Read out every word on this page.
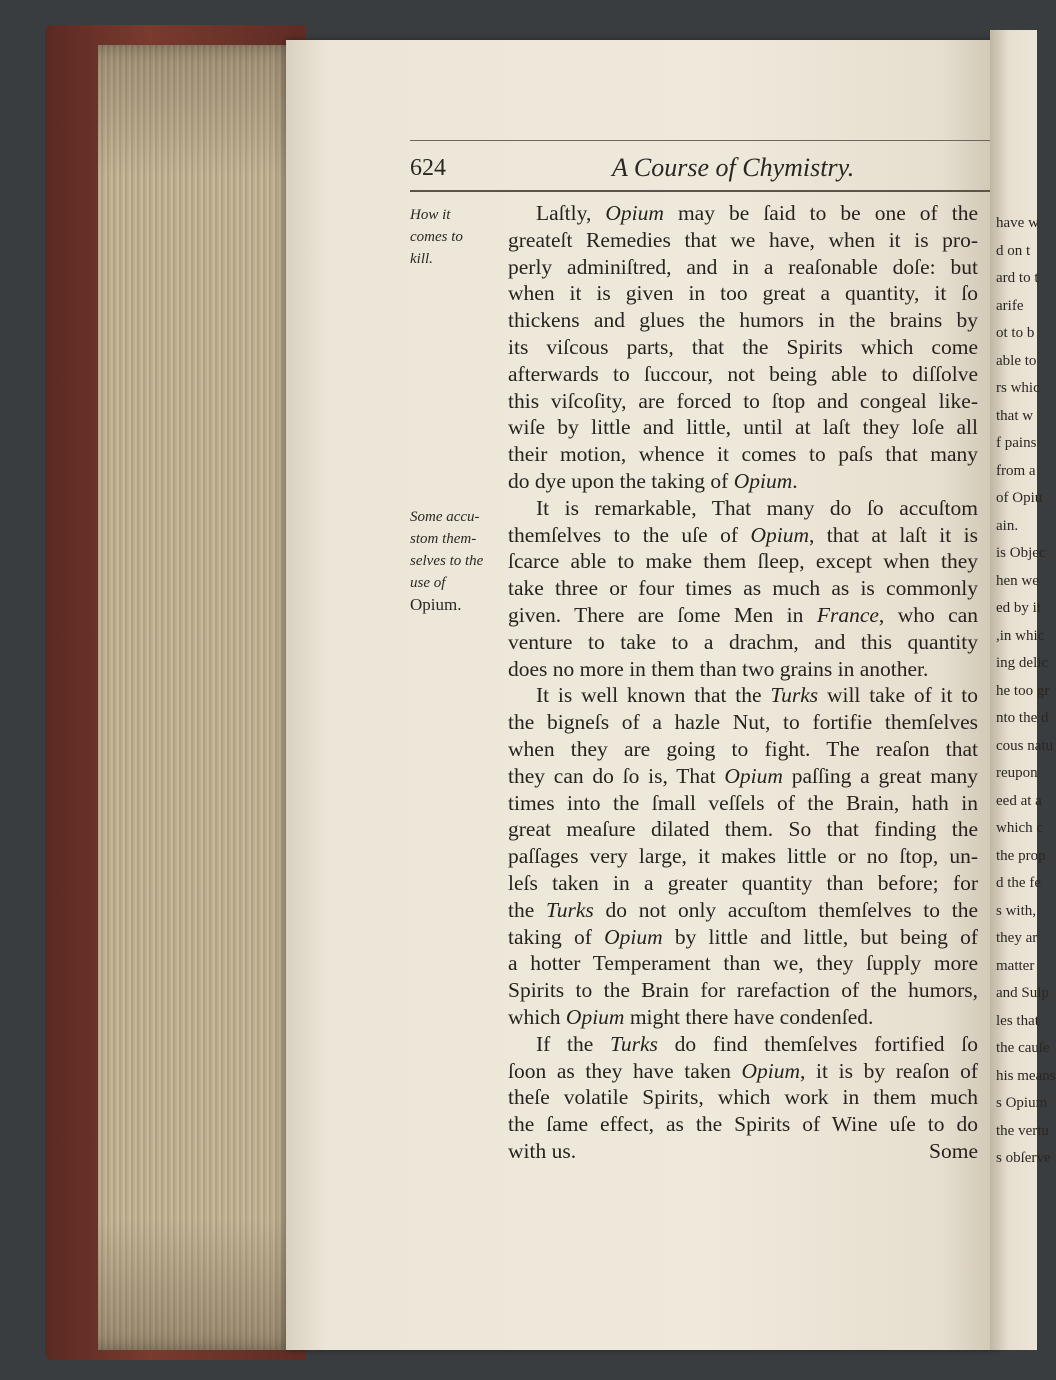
have w
d on t
ard to t
arife
ot to b
able to
rs whic
that w
f pains
from a
of Opiu
ain.
is Objec
hen we
ed by it
,in whic
ing delic
he too gr
nto the d
cous natu
reupon
eed at a
which c
the prop
d the fe
s with,
they ar
matter
and Sulp
les that
the cauſe
his means
s Opium
the vertu
s obſerve
624	A Course of Chymistry.
How it
comes to
kill.
Some accu-
stom them-
selves to the
use of
Opium.
Laſtly, Opium may be ſaid to be one of the
greateſt Remedies that we have, when it is pro-
perly adminiſtred, and in a reaſonable doſe: but
when it is given in too great a quantity, it ſo
thickens and glues the humors in the brains by
its viſcous parts, that the Spirits which come
afterwards to ſuccour, not being able to diſſolve
this viſcoſity, are forced to ſtop and congeal like-
wiſe by little and little, until at laſt they loſe all
their motion, whence it comes to paſs that many
do dye upon the taking of Opium.
It is remarkable, That many do ſo accuſtom
themſelves to the uſe of Opium, that at laſt it is
ſcarce able to make them ſleep, except when they
take three or four times as much as is commonly
given. There are ſome Men in France, who can
venture to take to a drachm, and this quantity
does no more in them than two grains in another.
It is well known that the Turks will take of it to
the bigneſs of a hazle Nut, to fortifie themſelves
when they are going to fight. The reaſon that
they can do ſo is, That Opium paſſing a great many
times into the ſmall veſſels of the Brain, hath in
great meaſure dilated them. So that finding the
paſſages very large, it makes little or no ſtop, un-
leſs taken in a greater quantity than before; for
the Turks do not only accuſtom themſelves to the
taking of Opium by little and little, but being of
a hotter Temperament than we, they ſupply more
Spirits to the Brain for rarefaction of the humors,
which Opium might there have condenſed.
If the Turks do find themſelves fortified ſo
ſoon as they have taken Opium, it is by reaſon of
theſe volatile Spirits, which work in them much
the ſame effect, as the Spirits of Wine uſe to do
with us.	Some
